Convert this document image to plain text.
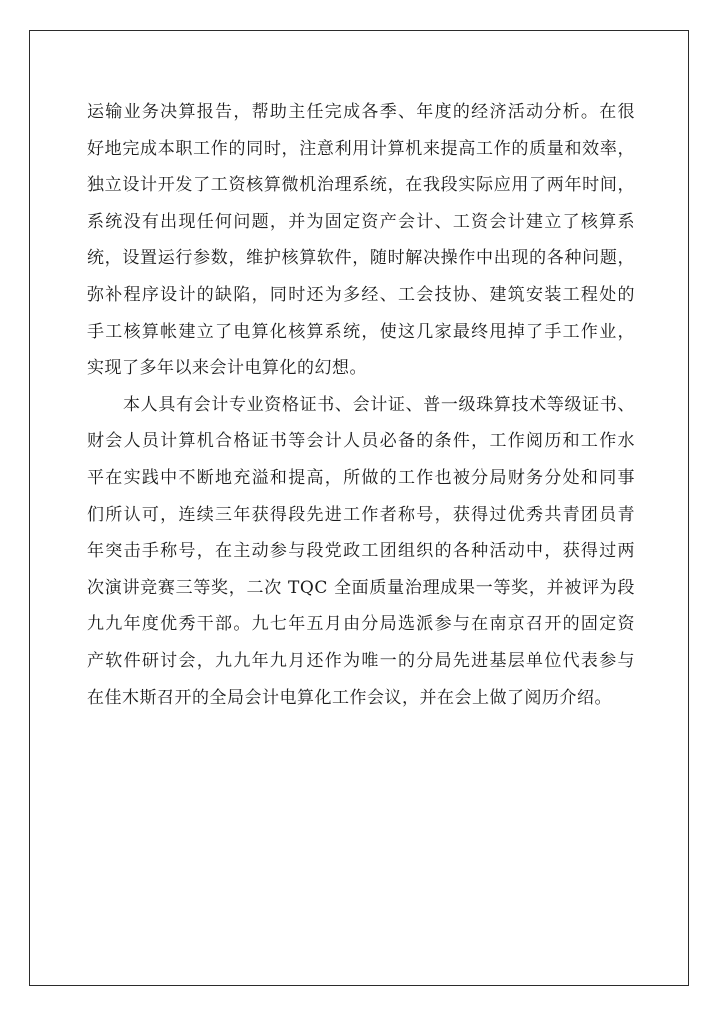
运输业务决算报告，帮助主任完成各季、年度的经济活动分析。在很
好地完成本职工作的同时，注意利用计算机来提高工作的质量和效率，
独立设计开发了工资核算微机治理系统，在我段实际应用了两年时间，
系统没有出现任何问题，并为固定资产会计、工资会计建立了核算系
统，设置运行参数，维护核算软件，随时解决操作中出现的各种问题，
弥补程序设计的缺陷，同时还为多经、工会技协、建筑安装工程处的
手工核算帐建立了电算化核算系统，使这几家最终甩掉了手工作业，
实现了多年以来会计电算化的幻想。
本人具有会计专业资格证书、会计证、普一级珠算技术等级证书、
财会人员计算机合格证书等会计人员必备的条件，工作阅历和工作水
平在实践中不断地充溢和提高，所做的工作也被分局财务分处和同事
们所认可，连续三年获得段先进工作者称号，获得过优秀共青团员青
年突击手称号，在主动参与段党政工团组织的各种活动中，获得过两
次演讲竞赛三等奖，二次 TQC 全面质量治理成果一等奖，并被评为段
九九年度优秀干部。九七年五月由分局选派参与在南京召开的固定资
产软件研讨会，九九年九月还作为唯一的分局先进基层单位代表参与
在佳木斯召开的全局会计电算化工作会议，并在会上做了阅历介绍。
